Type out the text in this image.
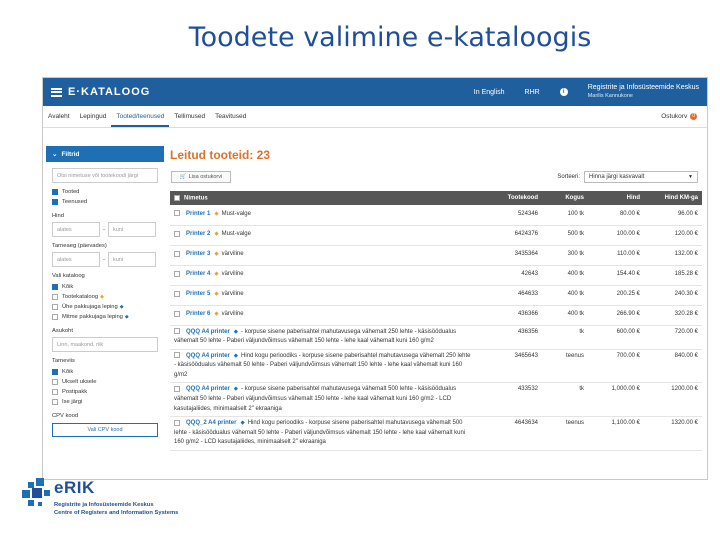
Toodete valimine e-kataloogis
E·KATALOOG	In English	RHR	i
Registrite ja Infosüsteemide Keskus
Marilis Kannukone
Avaleht	Lepingud	Tooted/teenused	Tellimused	Teavitused	Ostukorv	0
⌄ Filtrid
Otsi nimetuse või tootekoodi järgi
Tooted
Teenused
Hind
alates	-	kuni
Tarneaeg (päevades)
alates	-	kuni
Vali kataloog
Kõik
Tootekataloog ◆
Ühe pakkujaga leping ◆
Mitme pakkujaga leping ◆
Asukoht
Linn, maakond, riik
Tarneviis
Kõik
Ukselt uksele
Postipakk
Ise järgi
CPV kood
Vali CPV kood
Leitud tooteid: 23
🛒 Lisa ostukorvi	Sorteeri: Hinna järgi kasvavalt	▼
Nimetus	Tootekood	Kogus	Hind	Hind KM-ga
Printer 1 ◆ Must-valge	524346	100 tk	80.00 €	96.00 €
Printer 2 ◆ Must-valge	6424376	500 tk	100.00 €	120.00 €
Printer 3 ◆ värviline	3435364	300 tk	110.00 €	132.00 €
Printer 4 ◆ värviline	42643	400 tk	154.40 €	185.28 €
Printer 5 ◆ värviline	464633	400 tk	200.25 €	240.30 €
Printer 6 ◆ värviline	436366	400 tk	266.90 €	320.28 €
QQQ A4 printer ◆ - korpuse sisene paberisahtel mahutavusega vähemalt 250 lehte - käsisöödualus vähemalt 50 lehte - Paberi väljundvõimsus vähemalt 150 lehte - lehe kaal vähemalt kuni 160 g/m2	436356	tk	600.00 €	720.00 €
QQQ A4 printer ◆ Hind kogu perioodiks - korpuse sisene paberisahtel mahutavusega vähemalt 250 lehte - käsisöödualus vähemalt 50 lehte - Paberi väljundvõimsus vähemalt 150 lehte - lehe kaal vähemalt kuni 160 g/m2	3465643	teenus	700.00 €	840.00 €
QQQ A4 printer ◆ - korpuse sisene paberisahtel mahutavusega vähemalt 500 lehte - käsisöödualus vähemalt 50 lehte - Paberi väljundvõimsus vähemalt 150 lehte - lehe kaal vähemalt kuni 160 g/m2 - LCD kasutajaliides, minimaalselt 2" ekraaniga	433532	tk	1,000.00 €	1200.00 €
QQQ_2 A4 printer ◆ Hind kogu perioodiks - korpuse sisene paberisahtel mahutavusega vähemalt 500 lehte - käsisöödualus vähemalt 50 lehte - Paberi väljundvõimsus vähemalt 150 lehte - lehe kaal vähemalt kuni 160 g/m2 - LCD kasutajaliides, minimaalselt 2" ekraaniga	4643634	teenus	1,100.00 €	1320.00 €
eRIK
Registrite ja Infosüsteemide Keskus
Centre of Registers and Information Systems
